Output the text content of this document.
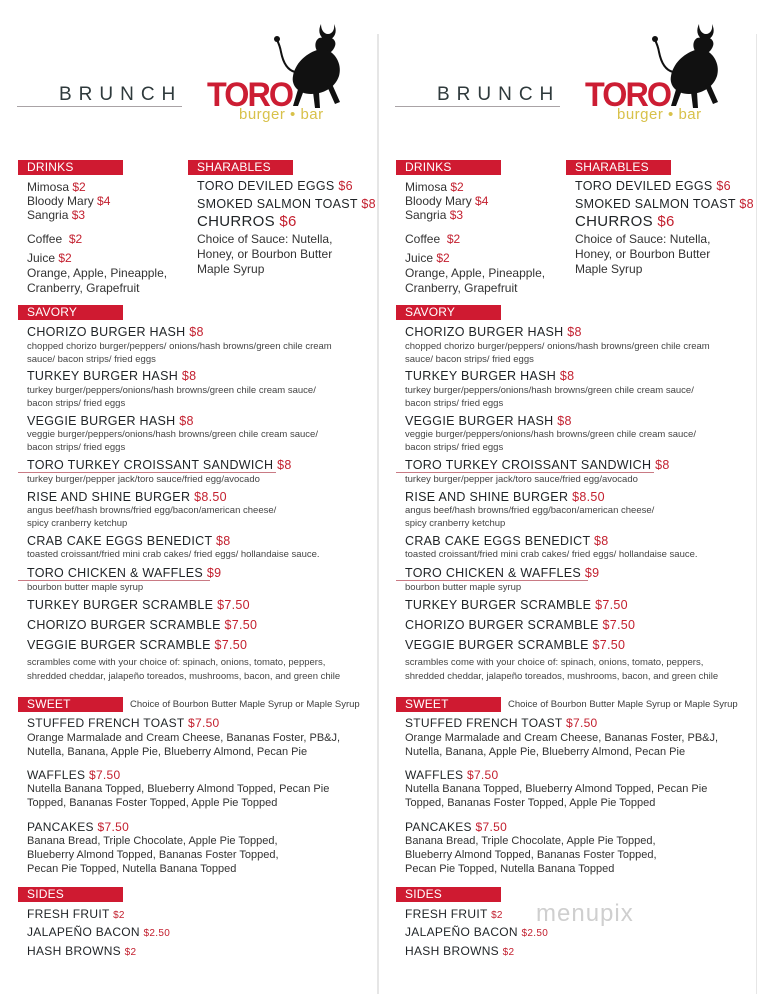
BRUNCH TORO
burger • bar
DRINKS
Mimosa $2
Bloody Mary $4
Sangria $3
Coffee $2
Juice $2
Orange, Apple, Pineapple,
Cranberry, Grapefruit
SHARABLES
TORO DEVILED EGGS $6
SMOKED SALMON TOAST $8
CHURROS $6
Choice of Sauce: Nutella,
Honey, or Bourbon Butter
Maple Syrup
SAVORY
CHORIZO BURGER HASH $8
chopped chorizo burger/peppers/ onions/hash browns/green chile cream sauce/ bacon strips/ fried eggs
TURKEY BURGER HASH $8
turkey burger/peppers/onions/hash browns/green chile cream sauce/ bacon strips/ fried eggs
VEGGIE BURGER HASH $8
veggie burger/peppers/onions/hash browns/green chile cream sauce/ bacon strips/ fried eggs
TORO TURKEY CROISSANT SANDWICH $8
turkey burger/pepper jack/toro sauce/fried egg/avocado
RISE AND SHINE BURGER $8.50
angus beef/hash browns/fried egg/bacon/american cheese/ spicy cranberry ketchup
CRAB CAKE EGGS BENEDICT $8
toasted croissant/fried mini crab cakes/ fried eggs/ hollandaise sauce.
TORO CHICKEN & WAFFLES $9
bourbon butter maple syrup
TURKEY BURGER SCRAMBLE $7.50
CHORIZO BURGER SCRAMBLE $7.50
VEGGIE BURGER SCRAMBLE $7.50
scrambles come with your choice of: spinach, onions, tomato, peppers, shredded cheddar, jalapeño toreados, mushrooms, bacon, and green chile
SWEET	Choice of Bourbon Butter Maple Syrup or Maple Syrup
STUFFED FRENCH TOAST $7.50
Orange Marmalade and Cream Cheese, Bananas Foster, PB&J, Nutella, Banana, Apple Pie, Blueberry Almond, Pecan Pie
WAFFLES $7.50
Nutella Banana Topped, Blueberry Almond Topped, Pecan Pie Topped, Bananas Foster Topped, Apple Pie Topped
PANCAKES $7.50
Banana Bread, Triple Chocolate, Apple Pie Topped, Blueberry Almond Topped, Bananas Foster Topped, Pecan Pie Topped, Nutella Banana Topped
SIDES
FRESH FRUIT $2
JALAPEÑO BACON $2.50
HASH BROWNS $2
BRUNCH TORO
burger • bar
DRINKS
Mimosa $2
Bloody Mary $4
Sangria $3
Coffee $2
Juice $2
Orange, Apple, Pineapple,
Cranberry, Grapefruit
SHARABLES
TORO DEVILED EGGS $6
SMOKED SALMON TOAST $8
CHURROS $6
Choice of Sauce: Nutella,
Honey, or Bourbon Butter
Maple Syrup
SAVORY
CHORIZO BURGER HASH $8
chopped chorizo burger/peppers/ onions/hash browns/green chile cream sauce/ bacon strips/ fried eggs
TURKEY BURGER HASH $8
turkey burger/peppers/onions/hash browns/green chile cream sauce/ bacon strips/ fried eggs
VEGGIE BURGER HASH $8
veggie burger/peppers/onions/hash browns/green chile cream sauce/ bacon strips/ fried eggs
TORO TURKEY CROISSANT SANDWICH $8
turkey burger/pepper jack/toro sauce/fried egg/avocado
RISE AND SHINE BURGER $8.50
angus beef/hash browns/fried egg/bacon/american cheese/ spicy cranberry ketchup
CRAB CAKE EGGS BENEDICT $8
toasted croissant/fried mini crab cakes/ fried eggs/ hollandaise sauce.
TORO CHICKEN & WAFFLES $9
bourbon butter maple syrup
TURKEY BURGER SCRAMBLE $7.50
CHORIZO BURGER SCRAMBLE $7.50
VEGGIE BURGER SCRAMBLE $7.50
scrambles come with your choice of: spinach, onions, tomato, peppers, shredded cheddar, jalapeño toreados, mushrooms, bacon, and green chile
SWEET	Choice of Bourbon Butter Maple Syrup or Maple Syrup
STUFFED FRENCH TOAST $7.50
Orange Marmalade and Cream Cheese, Bananas Foster, PB&J, Nutella, Banana, Apple Pie, Blueberry Almond, Pecan Pie
WAFFLES $7.50
Nutella Banana Topped, Blueberry Almond Topped, Pecan Pie Topped, Bananas Foster Topped, Apple Pie Topped
PANCAKES $7.50
Banana Bread, Triple Chocolate, Apple Pie Topped, Blueberry Almond Topped, Bananas Foster Topped, Pecan Pie Topped, Nutella Banana Topped
SIDES
FRESH FRUIT $2
JALAPEÑO BACON $2.50
HASH BROWNS $2
menupix
